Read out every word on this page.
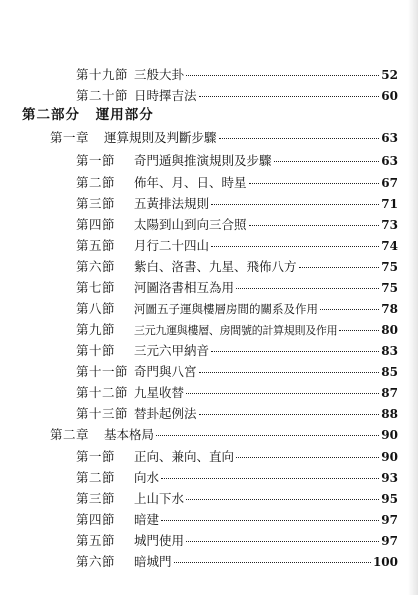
第十九節 三般大卦	52
第二十節 日時擇吉法	60
第二部分 運用部分
第一章	運算規則及判斷步驟	63
第一節	奇門遁與推演規則及步驟	63
第二節	佈年、月、日、時星	67
第三節	五黃排法規則	71
第四節	太陽到山到向三合照	73
第五節	月行二十四山	74
第六節	紫白、洛書、九星、飛佈八方	75
第七節	河圖洛書相互為用	75
第八節	河圖五子運與樓層房間的關系及作用	78
第九節	三元九運與樓層、房間號的計算規則及作用	80
第十節	三元六甲納音	83
第十一節 奇門與八宮	85
第十二節 九星收替	87
第十三節 替卦起例法	88
第二章	基本格局	90
第一節	正向、兼向、直向	90
第二節	向水	93
第三節	上山下水	95
第四節	暗建	97
第五節	城門使用	97
第六節	暗城門	100
